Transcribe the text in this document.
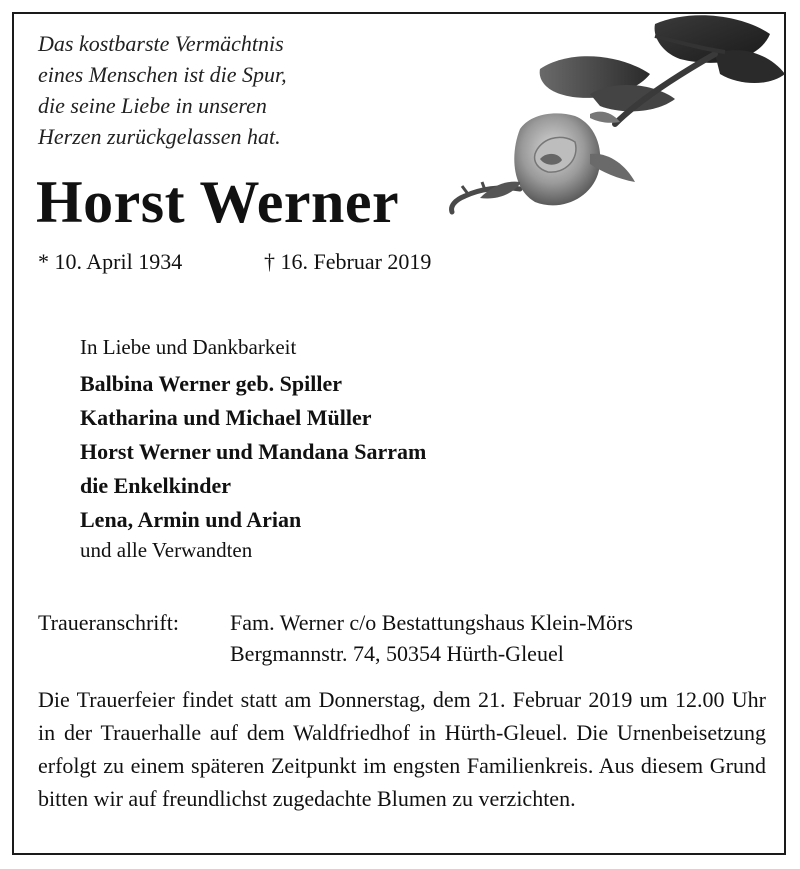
Das kostbarste Vermächtnis
eines Menschen ist die Spur,
die seine Liebe in unseren
Herzen zurückgelassen hat.
Horst Werner
* 10. April 1934	† 16. Februar 2019
In Liebe und Dankbarkeit
Balbina Werner geb. Spiller
Katharina und Michael Müller
Horst Werner und Mandana Sarram
die Enkelkinder
Lena, Armin und Arian
und alle Verwandten
Traueranschrift: Fam. Werner c/o Bestattungshaus Klein-Mörs
Bergmannstr. 74, 50354 Hürth-Gleuel
Die Trauerfeier findet statt am Donnerstag, dem 21. Februar 2019 um 12.00 Uhr in der Trauerhalle auf dem Waldfriedhof in Hürth-Gleuel. Die Urnenbeisetzung erfolgt zu einem späteren Zeitpunkt im engsten Familienkreis. Aus diesem Grund bitten wir auf freundlichst zugedachte Blumen zu verzichten.
